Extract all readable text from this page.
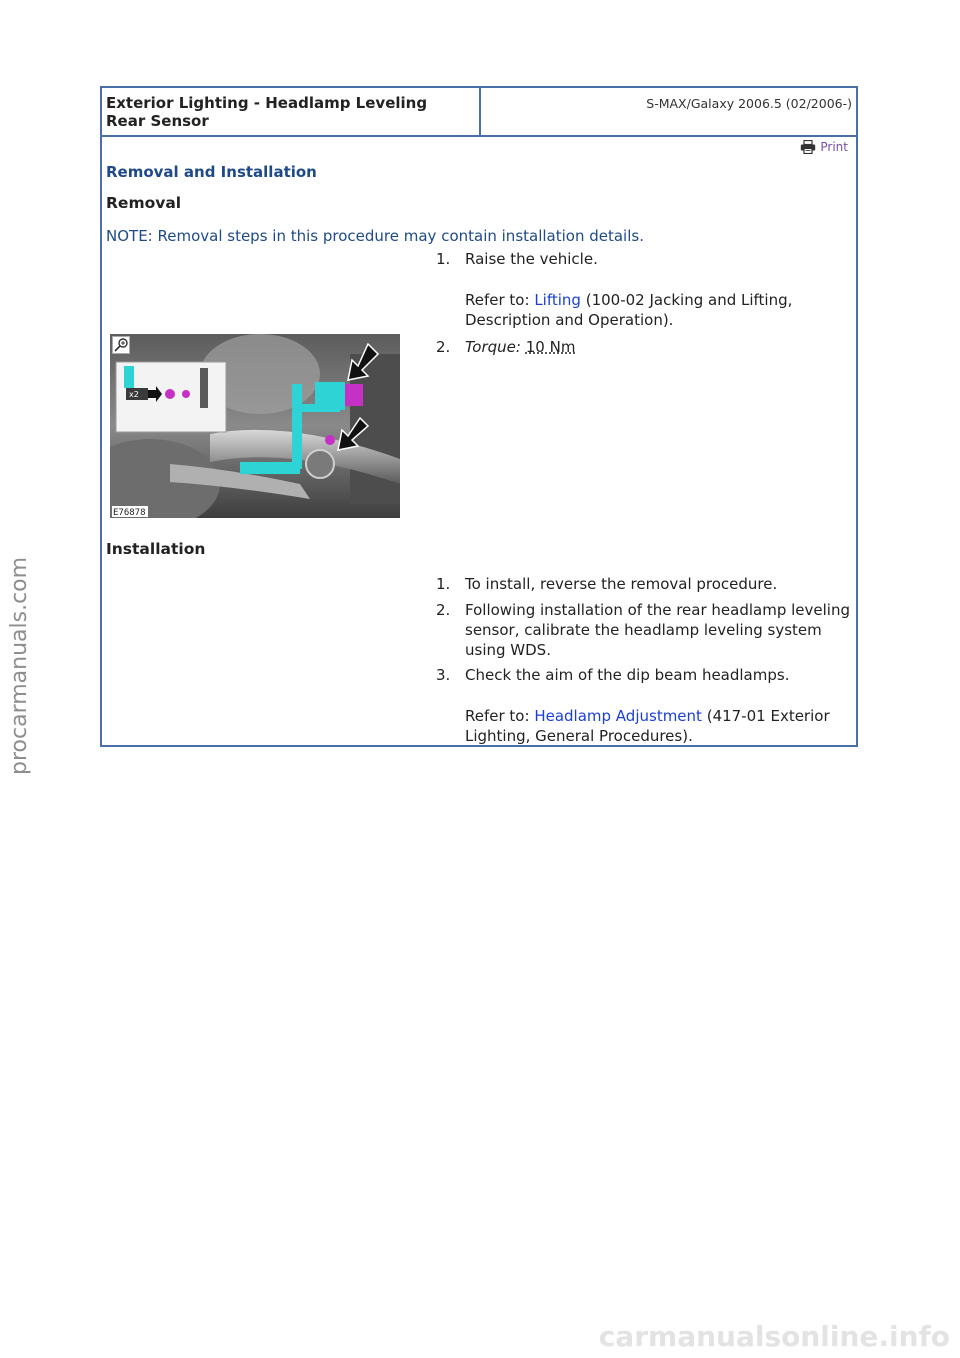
Exterior Lighting - Headlamp Leveling
Rear Sensor
S-MAX/Galaxy 2006.5 (02/2006-)
Print
Removal and Installation
Removal
NOTE: Removal steps in this procedure may contain installation details.
1. Raise the vehicle.
Refer to: Lifting (100-02 Jacking and Lifting, Description and Operation).
x2
E76878
2. Torque: 10 Nm
Installation
1. To install, reverse the removal procedure.
2. Following installation of the rear headlamp leveling sensor, calibrate the headlamp leveling system using WDS.
3. Check the aim of the dip beam headlamps.
Refer to: Headlamp Adjustment (417-01 Exterior Lighting, General Procedures).
procarmanuals.com
carmanualsonline.info
